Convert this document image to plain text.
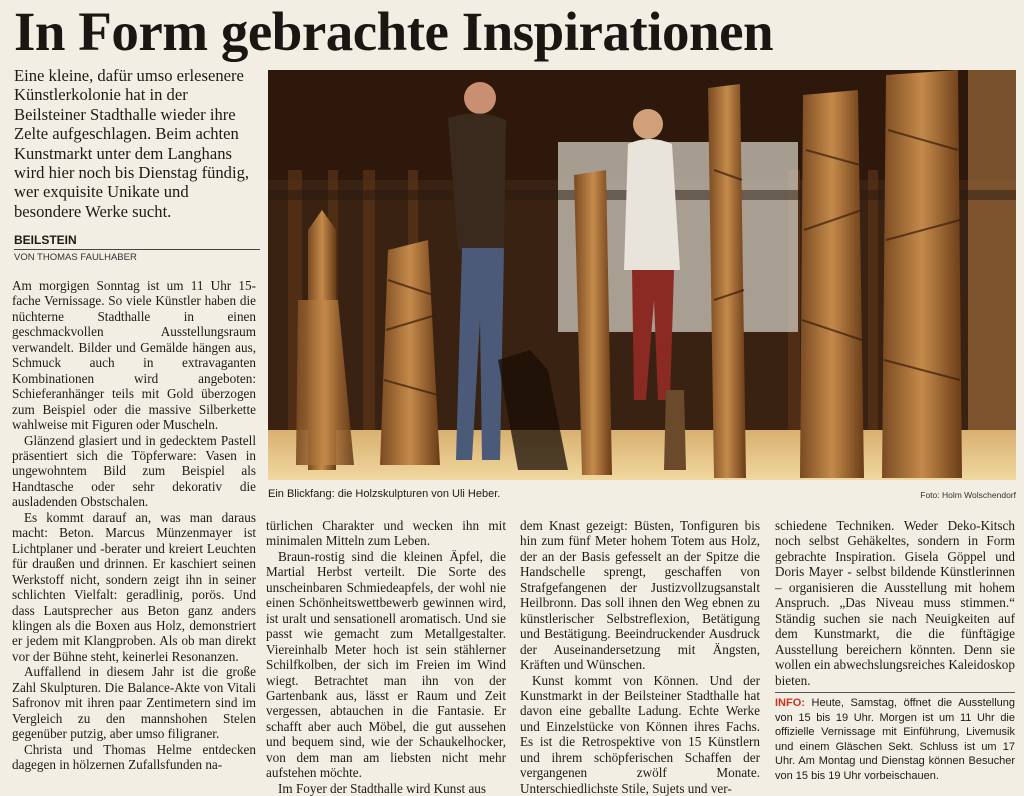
In Form gebrachte Inspirationen
Eine kleine, dafür umso erlesenere Künstlerkolonie hat in der Beilsteiner Stadthalle wieder ihre Zelte aufgeschlagen. Beim achten Kunstmarkt unter dem Langhans wird hier noch bis Dienstag fündig, wer exquisite Unikate und besondere Werke sucht.
BEILSTEIN
VON THOMAS FAULHABER

Am morgigen Sonntag ist um 11 Uhr 15-fache Vernissage. So viele Künstler haben die nüchterne Stadthalle in einen geschmackvollen Ausstellungsraum verwandelt. Bilder und Gemälde hängen aus, Schmuck auch in extravaganten Kombinationen wird angeboten: Schieferanhänger teils mit Gold überzogen zum Beispiel oder die massive Silberkette wahlweise mit Figuren oder Muscheln.

Glänzend glasiert und in gedecktem Pastell präsentiert sich die Töpferware: Vasen in ungewohntem Bild zum Beispiel als Handtasche oder sehr dekorativ die ausladenden Obstschalen.

Es kommt darauf an, was man daraus macht: Beton. Marcus Münzenmayer ist Lichtplaner und -berater und kreiert Leuchten für draußen und drinnen. Er kaschiert seinen Werkstoff nicht, sondern zeigt ihn in seiner schlichten Vielfalt: geradlinig, porös. Und dass Lautsprecher aus Beton ganz anders klingen als die Boxen aus Holz, demonstriert er jedem mit Klangproben. Als ob man direkt vor der Bühne steht, keinerlei Resonanzen.

Auffallend in diesem Jahr ist die große Zahl Skulpturen. Die Balance-Akte von Vitali Safronov mit ihren paar Zentimetern sind im Vergleich zu den mannshohen Stelen gegenüber putzig, aber umso filigraner.

Christa und Thomas Helme entdecken dagegen in hölzernen Zufallsfunden na-

Ein Blickfang: die Holzskulpturen von Uli Heber.	Foto: Holm Wolschendorf

türlichen Charakter und wecken ihn mit minimalen Mitteln zum Leben.

Braun-rostig sind die kleinen Äpfel, die Martial Herbst verteilt. Die Sorte des unscheinbaren Schmiedeapfels, der wohl nie einen Schönheitswettbewerb gewinnen wird, ist uralt und sensationell aromatisch. Und sie passt wie gemacht zum Metallgestalter. Viereinhalb Meter hoch ist sein stählerner Schilfkolben, der sich im Freien im Wind wiegt. Betrachtet man ihn von der Gartenbank aus, lässt er Raum und Zeit vergessen, abtauchen in die Fantasie. Er schafft aber auch Möbel, die gut aussehen und bequem sind, wie der Schaukelhocker, von dem man am liebsten nicht mehr aufstehen möchte.

Im Foyer der Stadthalle wird Kunst aus

dem Knast gezeigt: Büsten, Tonfiguren bis hin zum fünf Meter hohem Totem aus Holz, der an der Basis gefesselt an der Spitze die Handschelle sprengt, geschaffen von Strafgefangenen der Justizvollzugsanstalt Heilbronn. Das soll ihnen den Weg ebnen zu künstlerischer Selbstreflexion, Betätigung und Bestätigung. Beeindruckender Ausdruck der Auseinandersetzung mit Ängsten, Kräften und Wünschen.

Kunst kommt von Können. Und der Kunstmarkt in der Beilsteiner Stadthalle hat davon eine geballte Ladung. Echte Werke und Einzelstücke von Können ihres Fachs. Es ist die Retrospektive von 15 Künstlern und ihrem schöpferischen Schaffen der vergangenen zwölf Monate. Unterschiedlichste Stile, Sujets und ver-

schiedene Techniken. Weder Deko-Kitsch noch selbst Gehäkeltes, sondern in Form gebrachte Inspiration. Gisela Göppel und Doris Mayer - selbst bildende Künstlerinnen – organisieren die Ausstellung mit hohem Anspruch. „Das Niveau muss stimmen.“ Ständig suchen sie nach Neuigkeiten auf dem Kunstmarkt, die die fünftägige Ausstellung bereichern könnten. Denn sie wollen ein abwechslungsreiches Kaleidoskop bieten.

INFO: Heute, Samstag, öffnet die Ausstellung von 15 bis 19 Uhr. Morgen ist um 11 Uhr die offizielle Vernissage mit Einführung, Livemusik und einem Gläschen Sekt. Schluss ist um 17 Uhr. Am Montag und Dienstag können Besucher von 15 bis 19 Uhr vorbeischauen.
